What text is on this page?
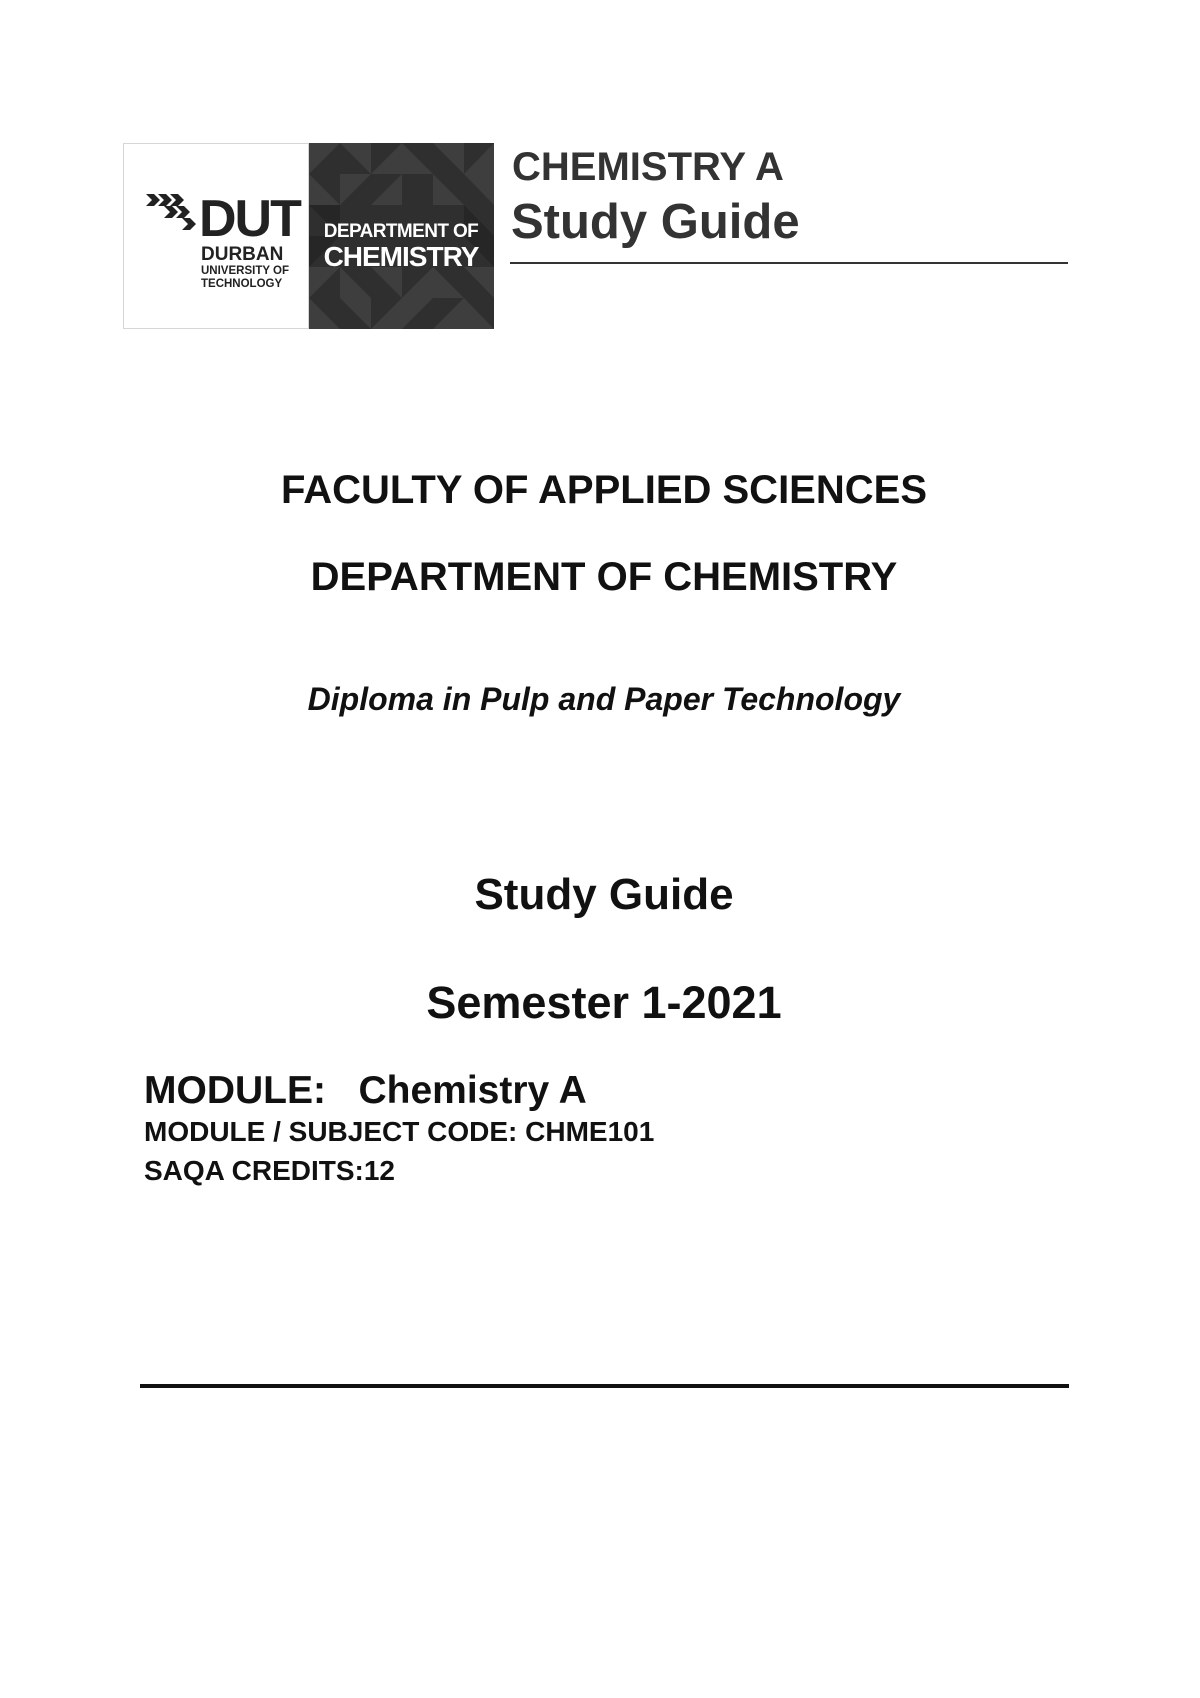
DUT
DURBAN
UNIVERSITY OF
TECHNOLOGY
DEPARTMENT OF
CHEMISTRY
CHEMISTRY A
Study Guide
FACULTY OF APPLIED SCIENCES
DEPARTMENT OF CHEMISTRY
Diploma in Pulp and Paper Technology
Study Guide
Semester 1-2021
MODULE:   Chemistry A
MODULE / SUBJECT CODE: CHME101
SAQA CREDITS:12
